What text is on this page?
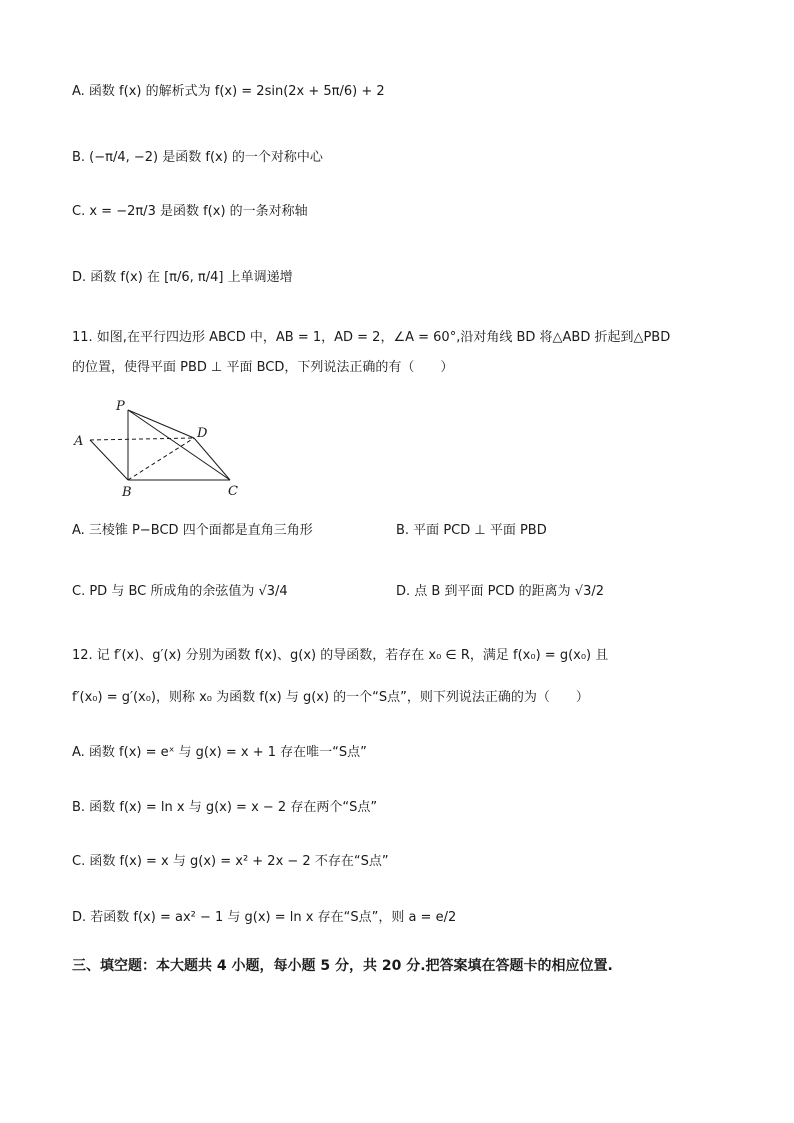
A. 函数 f(x) 的解析式为 f(x) = 2sin(2x + 5π/6) + 2
B. (−π/4, −2) 是函数 f(x) 的一个对称中心
C. x = −2π/3 是函数 f(x) 的一条对称轴
D. 函数 f(x) 在 [π/6, π/4] 上单调递增
11. 如图,在平行四边形 ABCD 中，AB = 1，AD = 2，∠A = 60°,沿对角线 BD 将△ABD 折起到△PBD
的位置，使得平面 PBD ⊥ 平面 BCD，下列说法正确的有（　　）
P
A
D
B	C
A. 三棱锥 P−BCD 四个面都是直角三角形	B. 平面 PCD ⊥ 平面 PBD
C. PD 与 BC 所成角的余弦值为 √3/4	D. 点 B 到平面 PCD 的距离为 √3/2
12. 记 f′(x)、g′(x) 分别为函数 f(x)、g(x) 的导函数，若存在 x₀ ∈ R，满足 f(x₀) = g(x₀) 且
f′(x₀) = g′(x₀)，则称 x₀ 为函数 f(x) 与 g(x) 的一个“S点”，则下列说法正确的为（　　）
A. 函数 f(x) = eˣ 与 g(x) = x + 1 存在唯一“S点”
B. 函数 f(x) = ln x 与 g(x) = x − 2 存在两个“S点”
C. 函数 f(x) = x 与 g(x) = x² + 2x − 2 不存在“S点”
D. 若函数 f(x) = ax² − 1 与 g(x) = ln x 存在“S点”，则 a = e/2
三、填空题：本大题共 4 小题，每小题 5 分，共 20 分.把答案填在答题卡的相应位置.
